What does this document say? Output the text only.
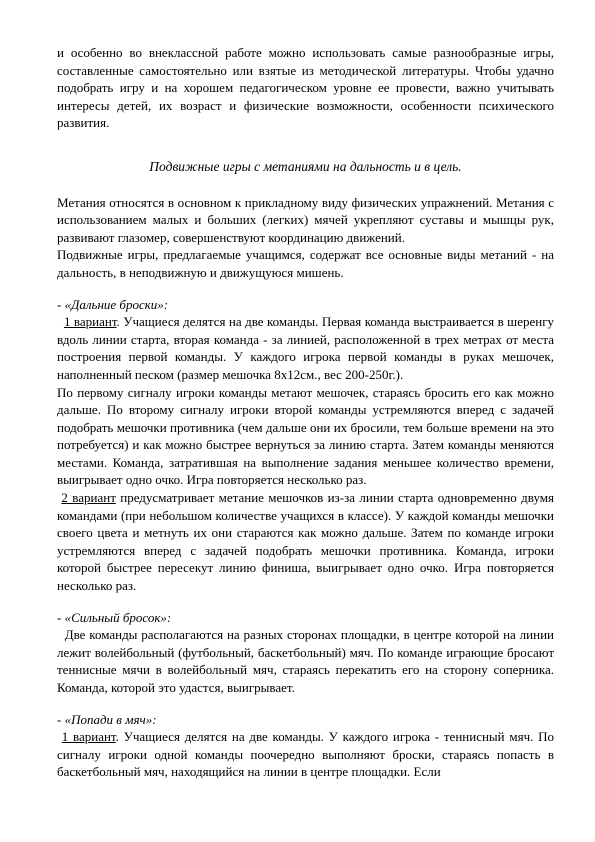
и особенно во внеклассной работе можно использовать самые разнообразные игры, составленные самостоятельно или взятые из методической литературы. Чтобы удачно подобрать игру и на хорошем педагогическом уровне ее провести, важно учитывать интересы детей, их возраст и физические возможности, особенности психического развития.

Подвижные игры с метаниями на дальность и в цель.

Метания относятся в основном к прикладному виду физических упражнений. Метания с использованием малых и больших (легких) мячей укрепляют суставы и мышцы рук, развивают глазомер, совершенствуют координацию движений.

Подвижные игры, предлагаемые учащимся, содержат все основные виды метаний - на дальность, в неподвижную и движущуюся мишень.

- «Дальние броски»:

1 вариант. Учащиеся делятся на две команды. Первая команда выстраивается в шеренгу вдоль линии старта, вторая команда - за линией, расположенной в трех метрах от места построения первой команды. У каждого игрока первой команды в руках мешочек, наполненный песком (размер мешочка 8х12см., вес 200-250г.).

По первому сигналу игроки команды метают мешочек, стараясь бросить его как можно дальше. По второму сигналу игроки второй команды устремляются вперед с задачей подобрать мешочки противника (чем дальше они их бросили, тем больше времени на это потребуется) и как можно быстрее вернуться за линию старта. Затем команды меняются местами. Команда, затратившая на выполнение задания меньшее количество времени, выигрывает одно очко. Игра повторяется несколько раз.

2 вариант предусматривает метание мешочков из-за линии старта одновременно двумя командами (при небольшом количестве учащихся в классе). У каждой команды мешочки своего цвета и метнуть их они стараются как можно дальше. Затем по команде игроки устремляются вперед с задачей подобрать мешочки противника. Команда, игроки которой быстрее пересекут линию финиша, выигрывает одно очко. Игра повторяется несколько раз.

- «Сильный бросок»:

Две команды располагаются на разных сторонах площадки, в центре которой на линии лежит волейбольный (футбольный, баскетбольный) мяч. По команде играющие бросают теннисные мячи в волейбольный мяч, стараясь перекатить его на сторону соперника. Команда, которой это удастся, выигрывает.

- «Попади в мяч»:

1 вариант. Учащиеся делятся на две команды. У каждого игрока - теннисный мяч. По сигналу игроки одной команды поочередно выполняют броски, стараясь попасть в баскетбольный мяч, находящийся на линии в центре площадки. Если
